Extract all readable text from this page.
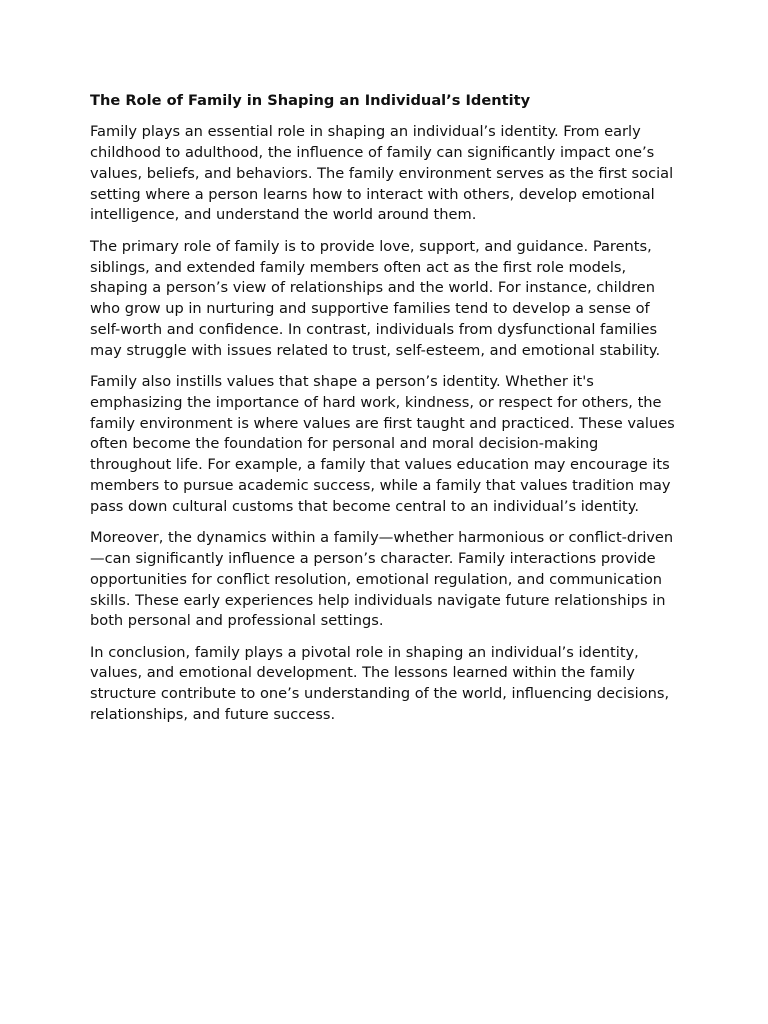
The Role of Family in Shaping an Individual’s Identity

Family plays an essential role in shaping an individual’s identity. From early childhood to adulthood, the influence of family can significantly impact one’s values, beliefs, and behaviors. The family environment serves as the first social setting where a person learns how to interact with others, develop emotional intelligence, and understand the world around them.

The primary role of family is to provide love, support, and guidance. Parents, siblings, and extended family members often act as the first role models, shaping a person’s view of relationships and the world. For instance, children who grow up in nurturing and supportive families tend to develop a sense of self-worth and confidence. In contrast, individuals from dysfunctional families may struggle with issues related to trust, self-esteem, and emotional stability.

Family also instills values that shape a person’s identity. Whether it's emphasizing the importance of hard work, kindness, or respect for others, the family environment is where values are first taught and practiced. These values often become the foundation for personal and moral decision-making throughout life. For example, a family that values education may encourage its members to pursue academic success, while a family that values tradition may pass down cultural customs that become central to an individual’s identity.

Moreover, the dynamics within a family—whether harmonious or conflict-driven—can significantly influence a person’s character. Family interactions provide opportunities for conflict resolution, emotional regulation, and communication skills. These early experiences help individuals navigate future relationships in both personal and professional settings.

In conclusion, family plays a pivotal role in shaping an individual’s identity, values, and emotional development. The lessons learned within the family structure contribute to one’s understanding of the world, influencing decisions, relationships, and future success.
